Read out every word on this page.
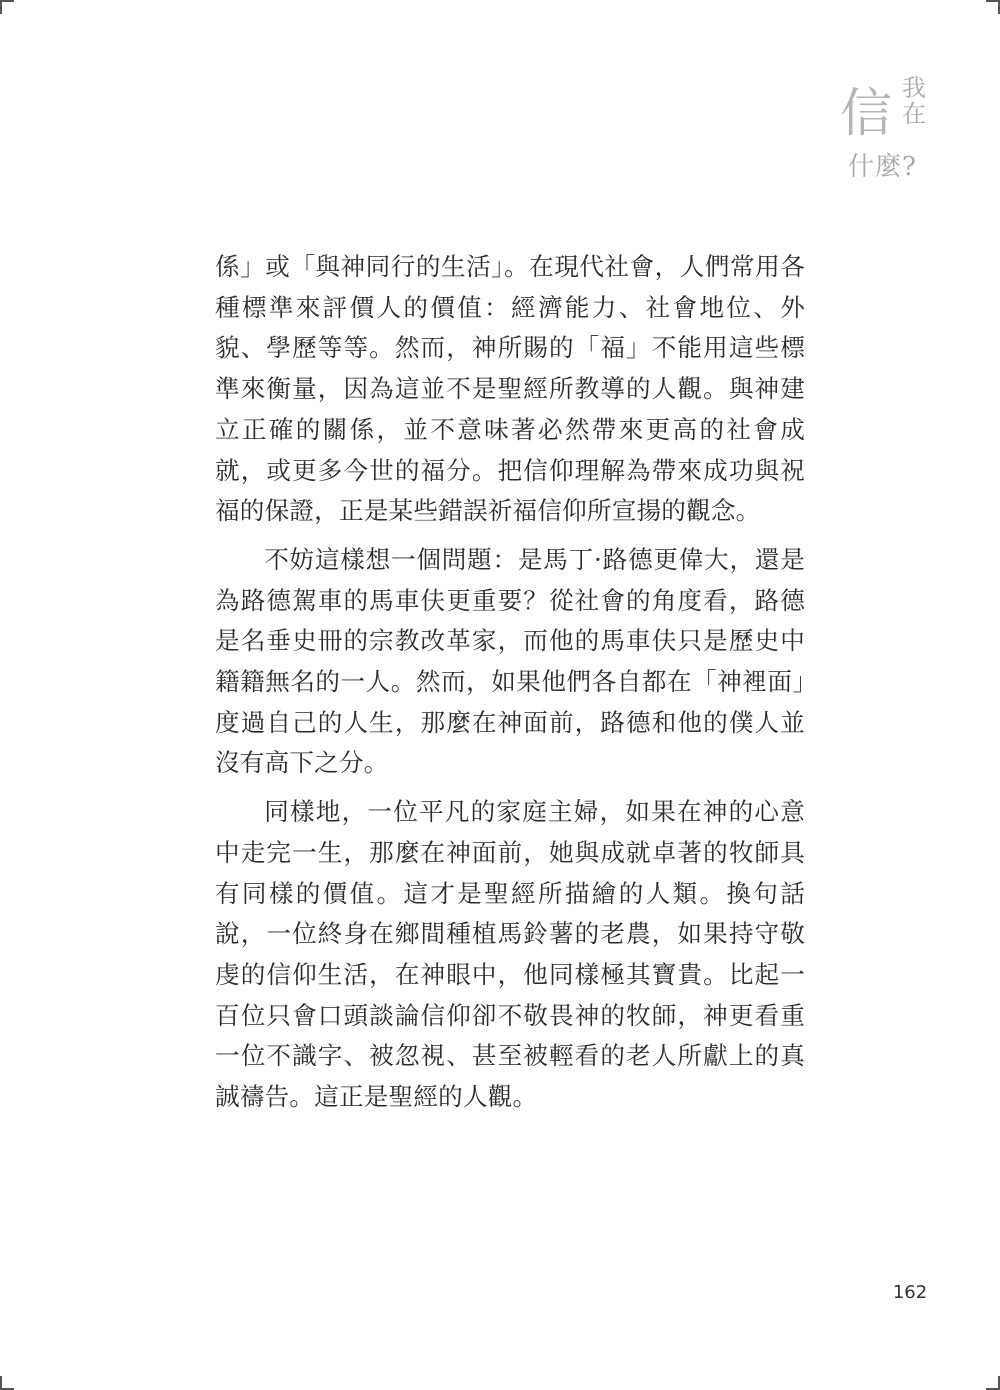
信 我
在
什麼?

係」或「與神同行的生活」。在現代社會，人們常用各種標準來評價人的價值：經濟能力、社會地位、外貌、學歷等等。然而，神所賜的「福」不能用這些標準來衡量，因為這並不是聖經所教導的人觀。與神建立正確的關係，並不意味著必然帶來更高的社會成就，或更多今世的福分。把信仰理解為帶來成功與祝福的保證，正是某些錯誤祈福信仰所宣揚的觀念。

不妨這樣想一個問題：是馬丁·路德更偉大，還是為路德駕車的馬車伕更重要？從社會的角度看，路德是名垂史冊的宗教改革家，而他的馬車伕只是歷史中籍籍無名的一人。然而，如果他們各自都在「神裡面」度過自己的人生，那麼在神面前，路德和他的僕人並沒有高下之分。

同樣地，一位平凡的家庭主婦，如果在神的心意中走完一生，那麼在神面前，她與成就卓著的牧師具有同樣的價值。這才是聖經所描繪的人類。換句話說，一位終身在鄉間種植馬鈴薯的老農，如果持守敬虔的信仰生活，在神眼中，他同樣極其寶貴。比起一百位只會口頭談論信仰卻不敬畏神的牧師，神更看重一位不識字、被忽視、甚至被輕看的老人所獻上的真誠禱告。這正是聖經的人觀。

162
